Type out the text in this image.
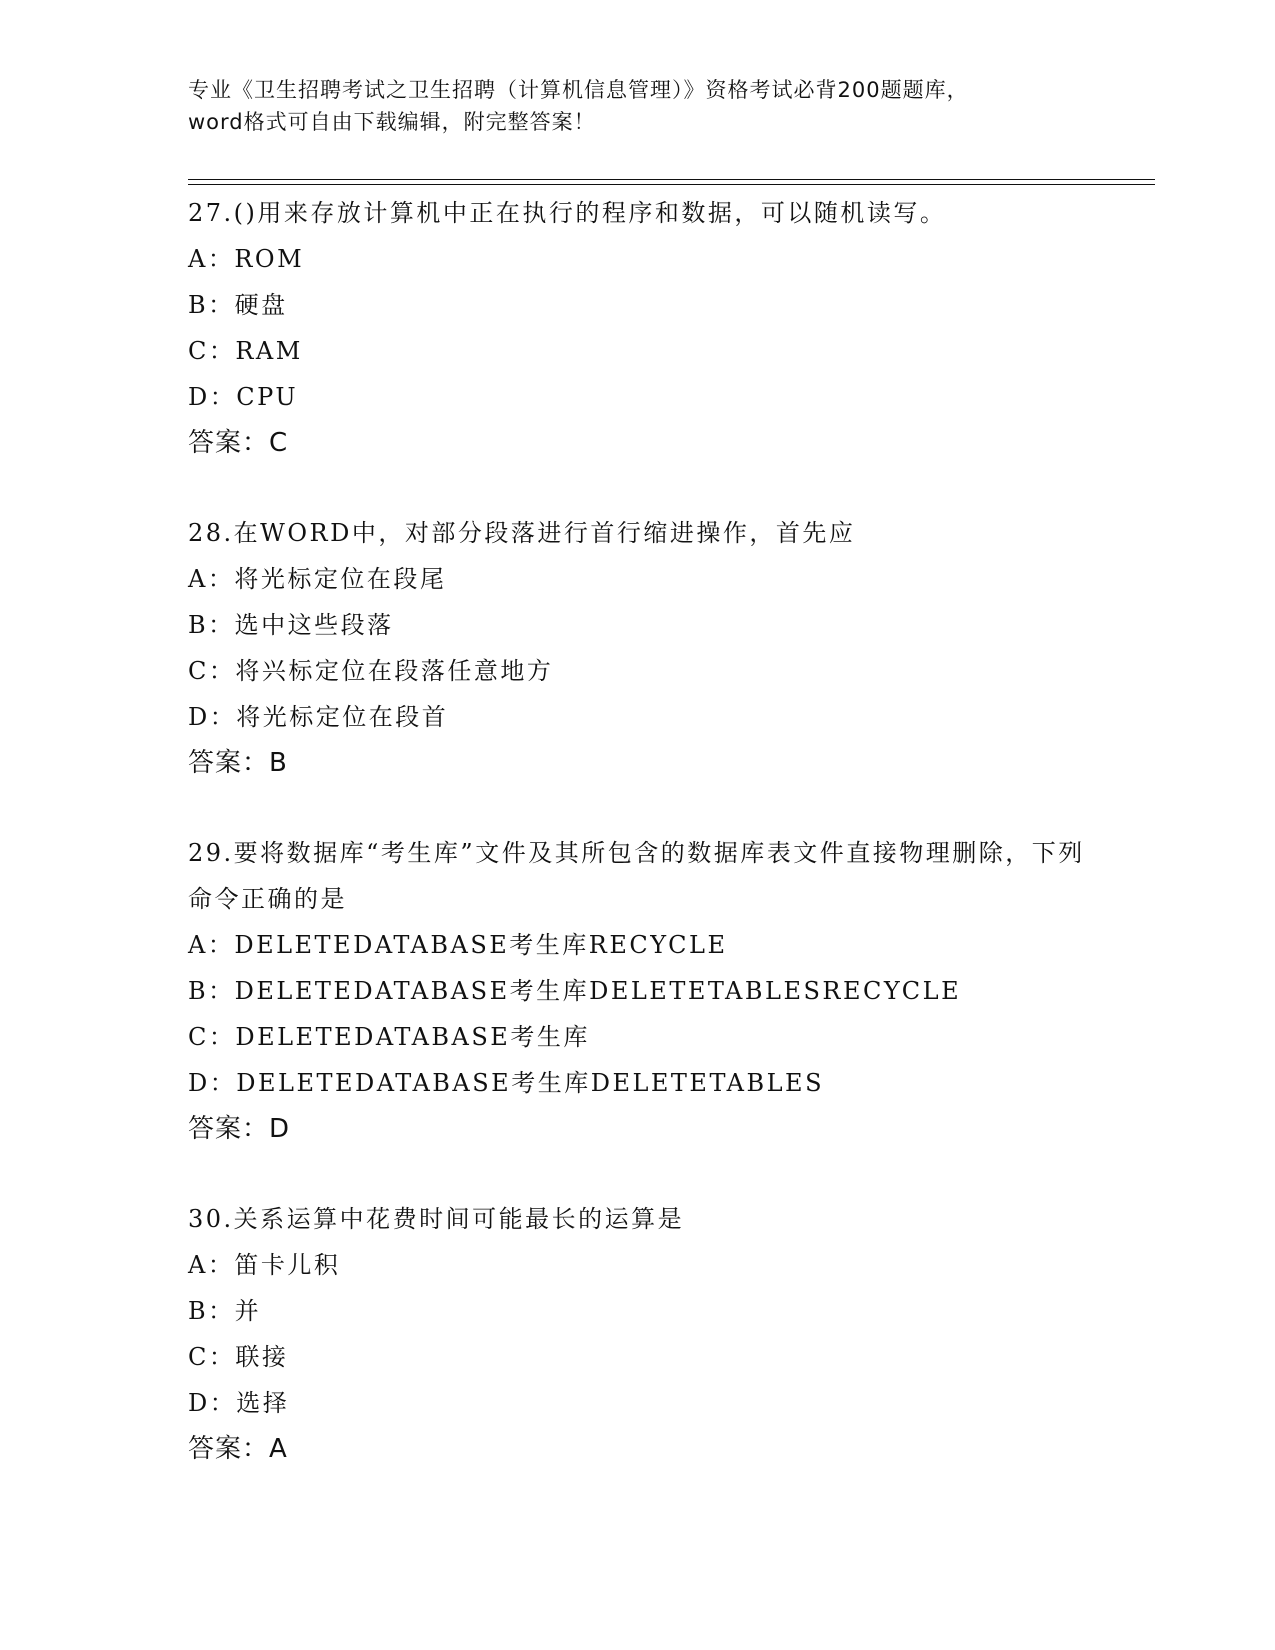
专业《卫生招聘考试之卫生招聘（计算机信息管理）》资格考试必背200题题库，
word格式可自由下载编辑，附完整答案！

27.()用来存放计算机中正在执行的程序和数据，可以随机读写。

A：ROM

B：硬盘

C：RAM

D：CPU

答案：C

28.在WORD中，对部分段落进行首行缩进操作，首先应

A：将光标定位在段尾

B：选中这些段落

C：将兴标定位在段落任意地方

D：将光标定位在段首

答案：B

29.要将数据库“考生库”文件及其所包含的数据库表文件直接物理删除，下列命令正确的是

A：DELETEDATABASE考生库RECYCLE

B：DELETEDATABASE考生库DELETETABLESRECYCLE

C：DELETEDATABASE考生库

D：DELETEDATABASE考生库DELETETABLES

答案：D

30.关系运算中花费时间可能最长的运算是

A：笛卡儿积

B：并

C：联接

D：选择

答案：A
